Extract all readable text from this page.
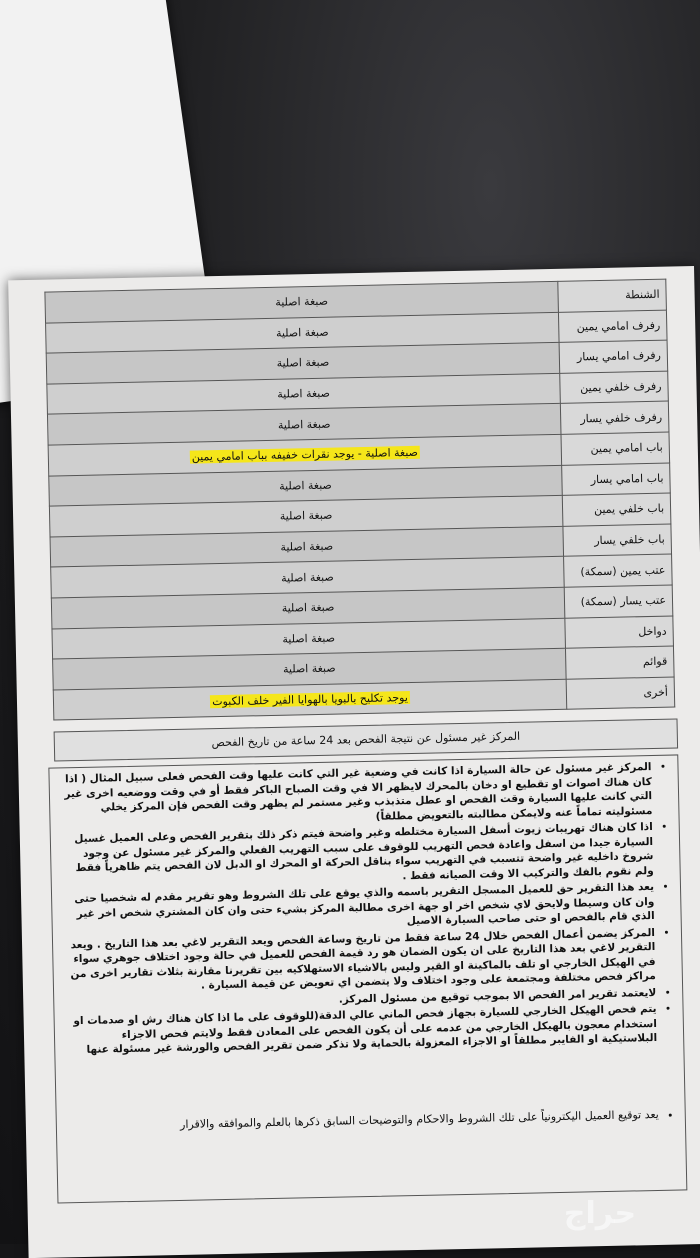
الشنطة	صبغة اصلية
رفرف امامي يمين	صبغة اصلية
رفرف امامي يسار	صبغة اصلية
رفرف خلفي يمين	صبغة اصلية
رفرف خلفي يسار	صبغة اصلية
باب امامي يمين	صبغة اصلية - يوجد نقرات خفيفه بباب امامي يمين
باب امامي يسار	صبغة اصلية
باب خلفي يمين	صبغة اصلية
باب خلفي يسار	صبغة اصلية
عتب يمين (سمكة)	صبغة اصلية
عتب يسار (سمكة)	صبغة اصلية
دواخل	صبغة اصلية
قوائم	صبغة اصلية
أخرى	يوجد تكليح بالبويا بالهوايا الفير خلف الكبوت
المركز غير مسئول عن نتيجة الفحص بعد 24 ساعة من تاريخ الفحص
• المركز غير مسئول عن حالة السيارة اذا كانت في وضعية غير التي كانت عليها وقت الفحص فعلى سبيل المثال ( اذا كان هناك اصوات او تقطيع او دخان بالمحرك لايظهر الا في وقت الصباح الباكر فقط أو في وقت ووضعيه اخرى غير التي كانت عليها السيارة وقت الفحص او عطل متذبذب وغير مستمر لم يظهر وقت الفحص فإن المركز يخلي مسئوليته تماماً عنه ولايمكن مطالبته بالتعويض مطلقاً)
• اذا كان هناك تهريبات زيوت أسفل السيارة مختلطه وغير واضحة فيتم ذكر ذلك بتقرير الفحص وعلى العميل غسيل السيارة جيدا من اسفل واعادة فحص التهريب للوقوف على سبب التهريب الفعلي والمركز غير مسئول عن وجود شروخ داخليه غير واضحة تتسبب في التهريب سواء بناقل الحركة او المحرك او الدبل لان الفحص يتم ظاهرياً فقط ولم نقوم بالفك والتركيب الا وقت الصيانه فقط .
• يعد هذا التقرير حق للعميل المسجل التقرير باسمه والذي يوقع على تلك الشروط وهو تقرير مقدم له شخصيا حتى وان كان وسيطا ولايحق لاي شخص اخر او جهة اخرى مطالبة المركز بشيء حتى وان كان المشتري شخص اخر غير الذي قام بالفحص او حتى صاحب السيارة الاصيل
• المركز يضمن أعمال الفحص خلال 24 ساعة فقط من تاريخ وساعة الفحص ويعد التقرير لاغي بعد هذا التاريخ . ويعد التقرير لاغي بعد هذا التاريخ على ان يكون الضمان هو رد قيمة الفحص للعميل في حالة وجود اختلاف جوهري سواء في الهيكل الخارجي او تلف بالماكينة او القير وليس بالاشياء الاستهلاكيه بين تقريرنا مقارنة بثلاث تقارير اخرى من مراكز فحص مختلفة ومجتمعة على وجود اختلاف ولا يتضمن اي تعويض عن قيمة السيارة .
• لايعتمد تقرير امر الفحص الا بموجب توقيع من مسئول المركز.
• يتم فحص الهيكل الخارجي للسيارة بجهاز فحص الماني عالي الدقة(للوقوف على ما اذا كان هناك رش او صدمات او استخدام معجون بالهيكل الخارجي من عدمه على أن يكون الفحص على المعادن فقط ولايتم فحص الاجزاء البلاستيكية او الفايبر مطلقاً او الاجزاء المعزولة بالحماية ولا تذكر ضمن تقرير الفحص والورشة غير مسئولة عنها
• يعد توقيع العميل اليكترونياً على تلك الشروط والاحكام والتوضيحات السابق ذكرها بالعلم والموافقه والاقرار
حراج
